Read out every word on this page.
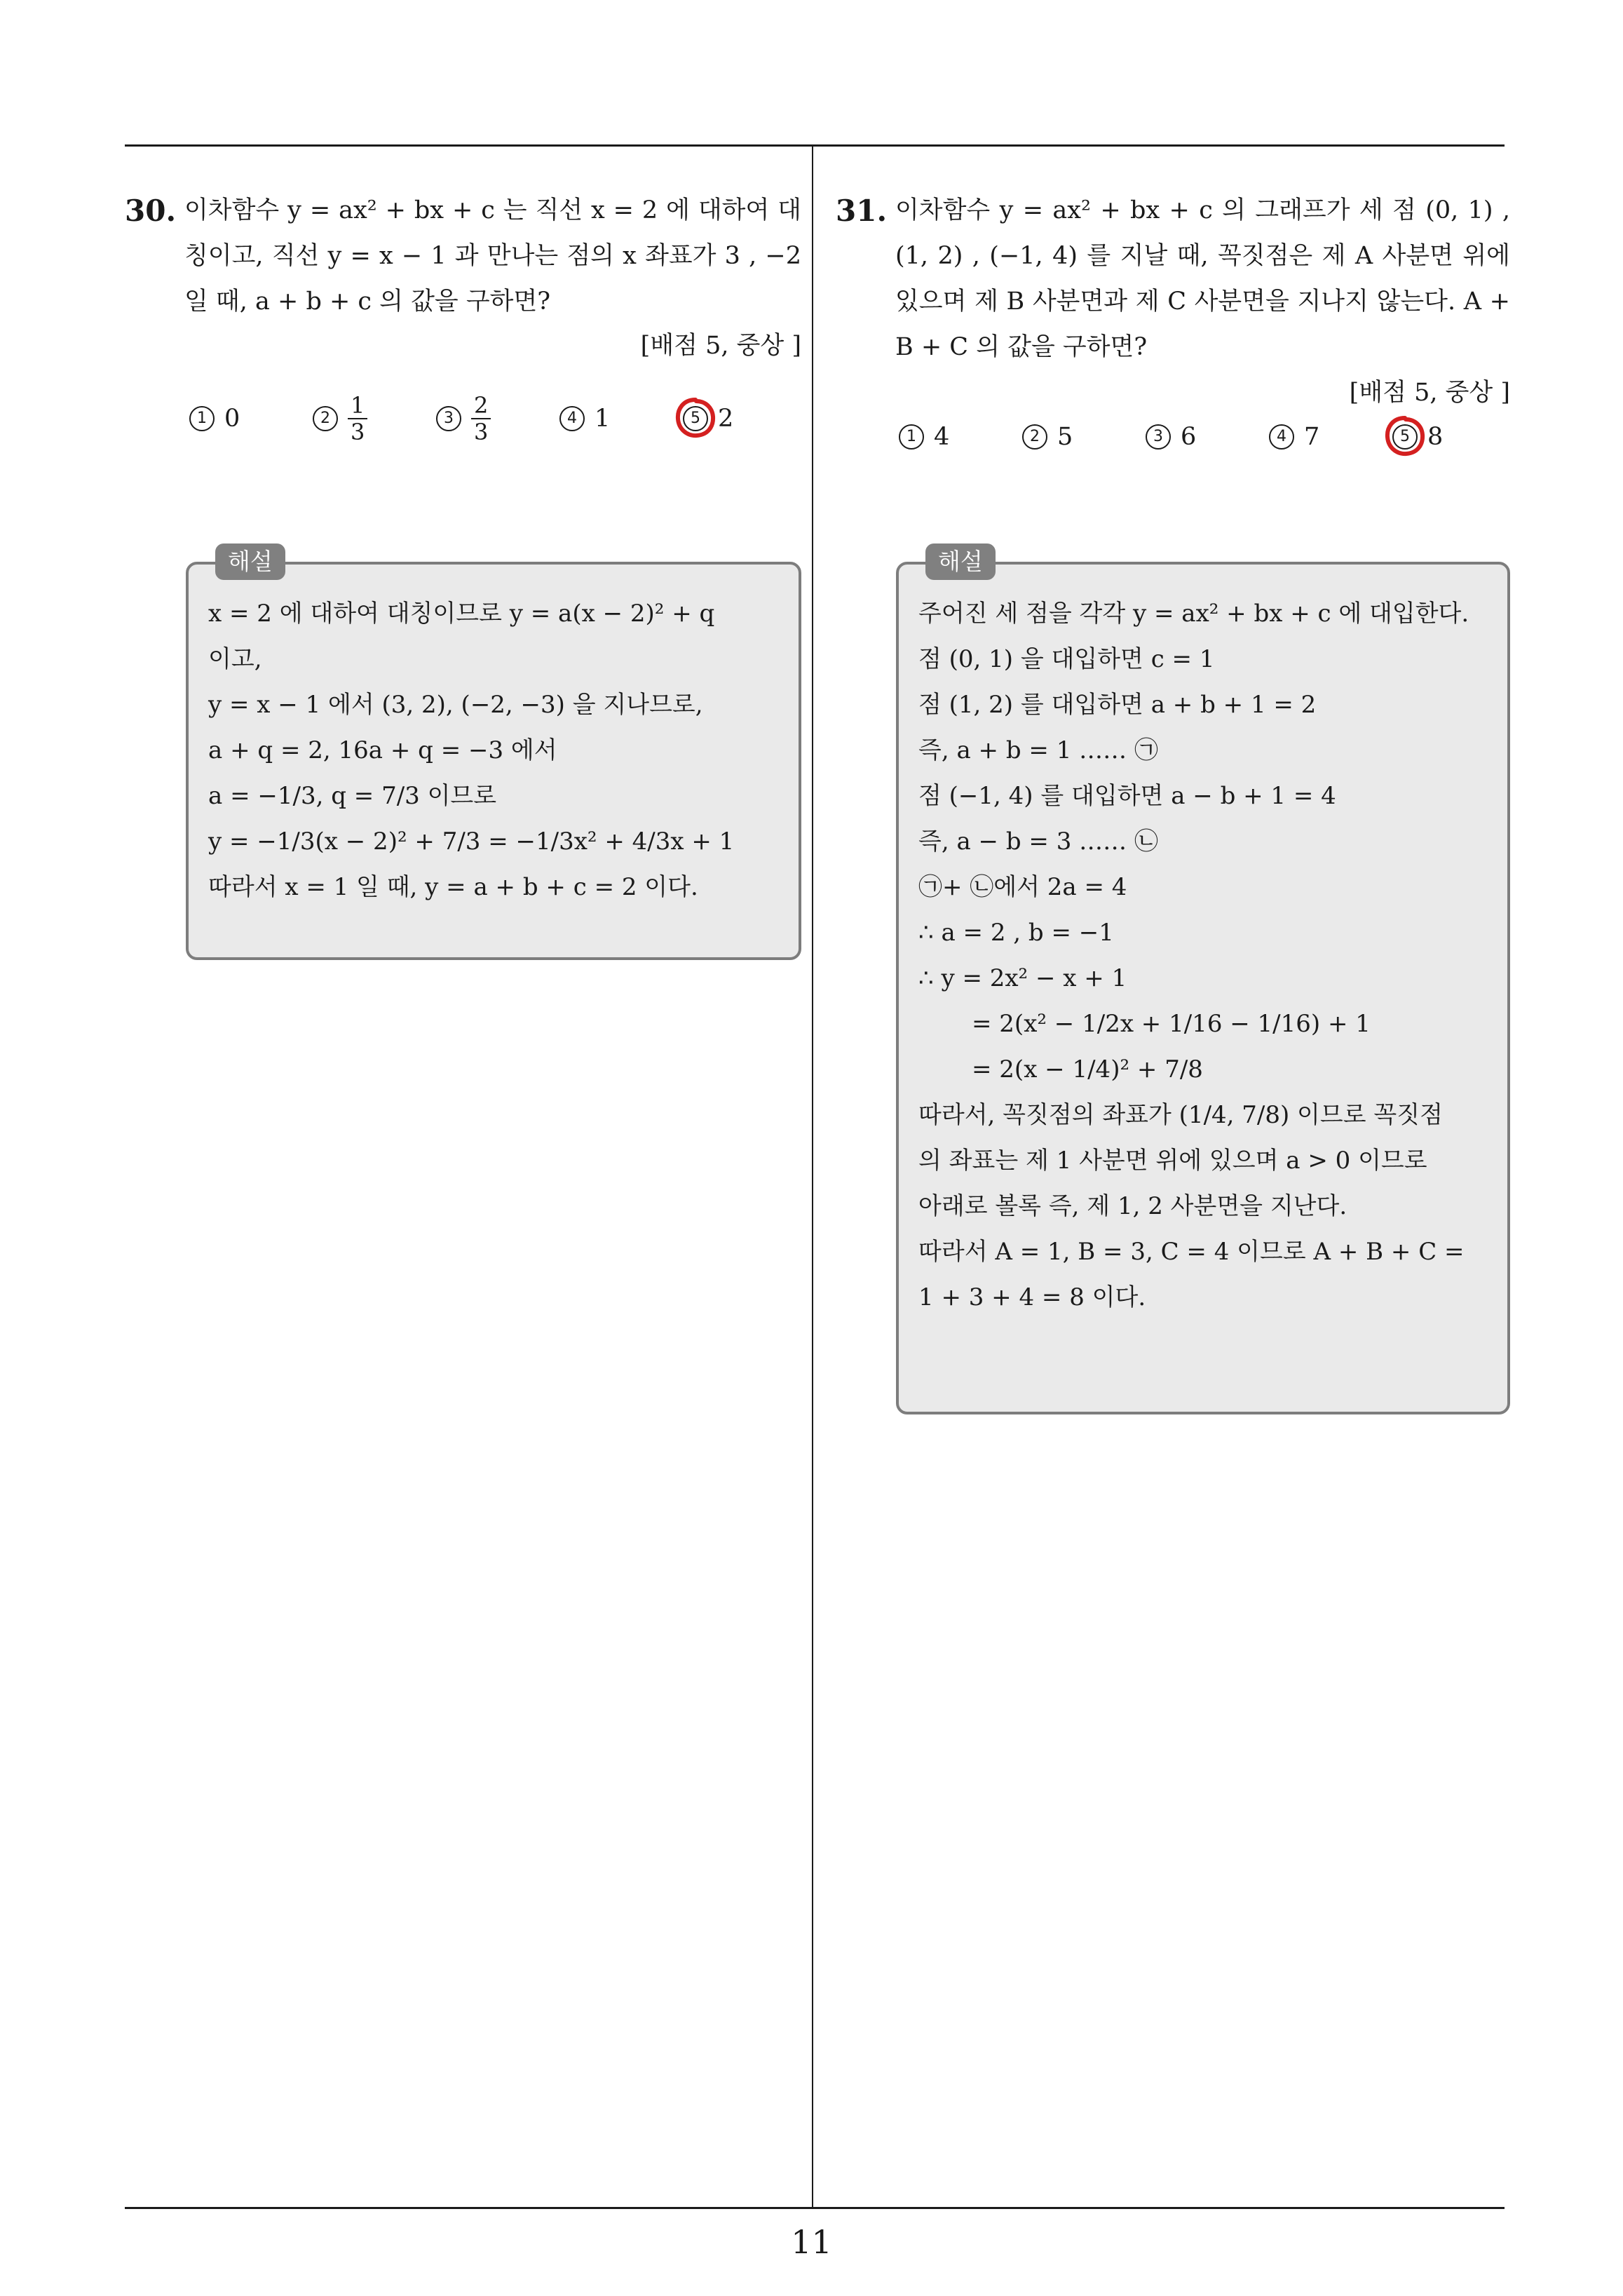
30. 이차함수 y = ax² + bx + c 는 직선 x = 2 에 대하여 대칭이고, 직선 y = x − 1 과 만나는 점의 x 좌표가 3 , −2 일 때, a + b + c 의 값을 구하면?
[배점 5, 중상 ]
1 0	$2 \frac{1}{3}$	$3 \frac{2}{3}$	4 1	5 2
해설
x = 2 에 대하여 대칭이므로 y = a(x − 2)² + q
이고,
y = x − 1 에서 (3, 2), (−2, −3) 을 지나므로,
a + q = 2, 16a + q = −3 에서
a = −1/3, q = 7/3 이므로
y = −1/3(x − 2)² + 7/3 = −1/3x² + 4/3x + 1
따라서 x = 1 일 때, y = a + b + c = 2 이다.
31. 이차함수 y = ax² + bx + c 의 그래프가 세 점 (0, 1) , (1, 2) , (−1, 4) 를 지날 때, 꼭짓점은 제 A 사분면 위에 있으며 제 B 사분면과 제 C 사분면을 지나지 않는다. A + B + C 의 값을 구하면?
[배점 5, 중상 ]
1 4	2 5	3 6	4 7	5 8
해설
주어진 세 점을 각각 y = ax² + bx + c 에 대입한다.
점 (0, 1) 을 대입하면 c = 1
점 (1, 2) 를 대입하면 a + b + 1 = 2
즉, a + b = 1 …… ㉠
점 (−1, 4) 를 대입하면 a − b + 1 = 4
즉, a − b = 3 …… ㉡
㉠+ ㉡에서 2a = 4
∴ a = 2 , b = −1
∴ y = 2x² − x + 1
= 2(x² − 1/2x + 1/16 − 1/16) + 1
= 2(x − 1/4)² + 7/8
따라서, 꼭짓점의 좌표가 (1/4, 7/8) 이므로 꼭짓점
의 좌표는 제 1 사분면 위에 있으며 a > 0 이므로
아래로 볼록 즉, 제 1, 2 사분면을 지난다.
따라서 A = 1, B = 3, C = 4 이므로 A + B + C =
1 + 3 + 4 = 8 이다.
11
